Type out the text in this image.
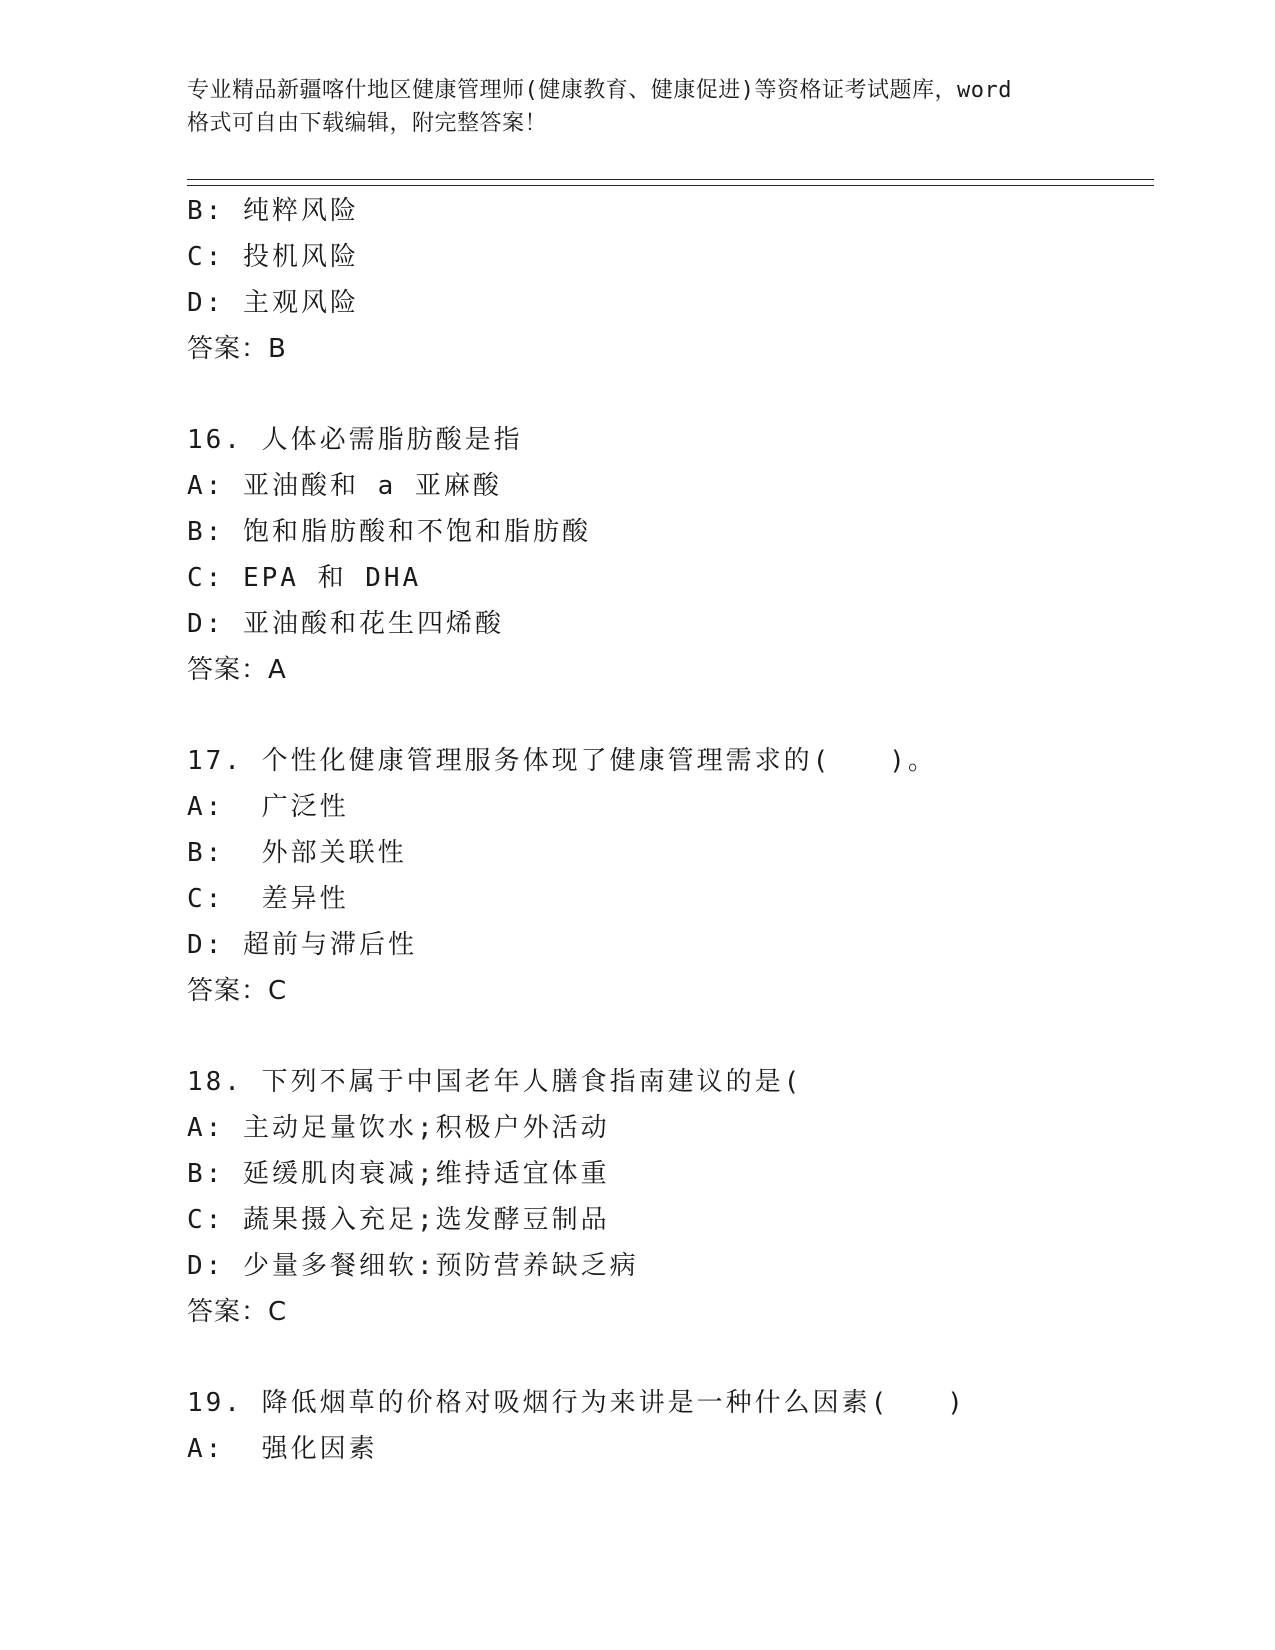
专业精品新疆喀什地区健康管理师(健康教育、健康促进)等资格证考试题库，word
格式可自由下载编辑，附完整答案！
B: 纯粹风险
C: 投机风险
D: 主观风险
答案：B
16. 人体必需脂肪酸是指
A: 亚油酸和 a 亚麻酸
B: 饱和脂肪酸和不饱和脂肪酸
C: EPA 和 DHA
D: 亚油酸和花生四烯酸
答案：A
17. 个性化健康管理服务体现了健康管理需求的(　　)。
A:  广泛性
B:  外部关联性
C:  差异性
D: 超前与滞后性
答案：C
18. 下列不属于中国老年人膳食指南建议的是(
A: 主动足量饮水;积极户外活动
B: 延缓肌肉衰减;维持适宜体重
C: 蔬果摄入充足;选发酵豆制品
D: 少量多餐细软:预防营养缺乏病
答案：C
19. 降低烟草的价格对吸烟行为来讲是一种什么因素(　　)
A:  强化因素
